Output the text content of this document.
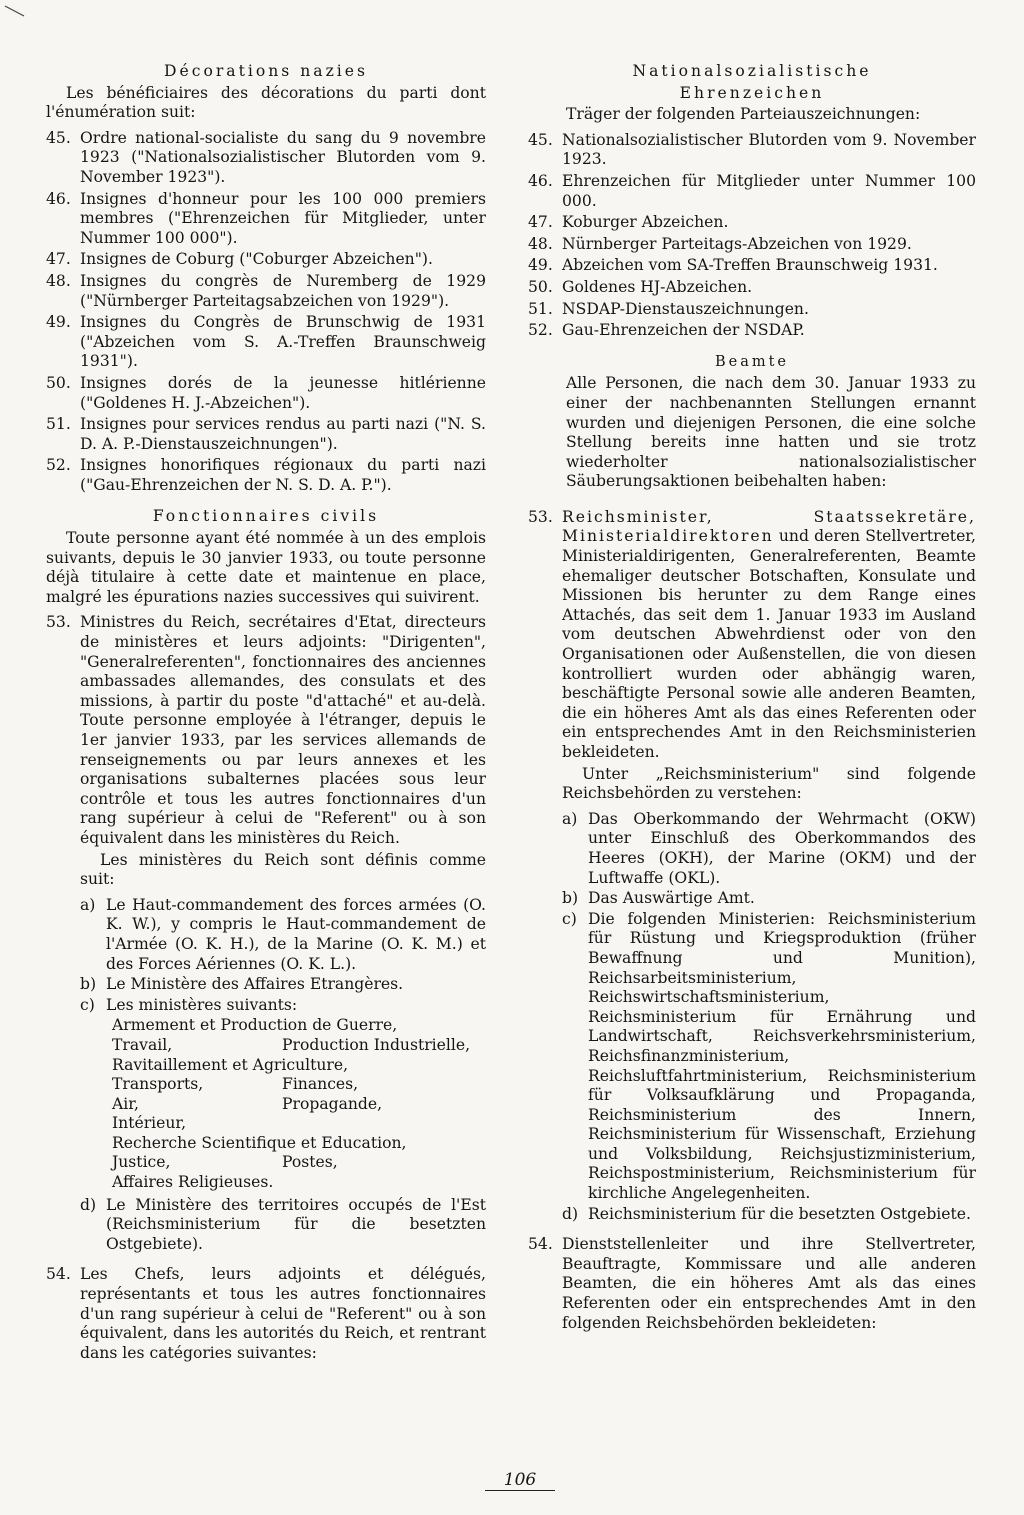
Décorations nazies
Les bénéficiaires des décorations du parti dont l'énumération suit:
45. Ordre national-socialiste du sang du 9 novembre 1923 ("Nationalsozialistischer Blutorden vom 9. November 1923").
46. Insignes d'honneur pour les 100 000 premiers membres ("Ehrenzeichen für Mitglieder, unter Nummer 100 000").
47. Insignes de Coburg ("Coburger Abzeichen").
48. Insignes du congrès de Nuremberg de 1929 ("Nürnberger Parteitagsabzeichen von 1929").
49. Insignes du Congrès de Brunschwig de 1931 ("Abzeichen vom S. A.-Treffen Braunschweig 1931").
50. Insignes dorés de la jeunesse hitlérienne ("Goldenes H. J.-Abzeichen").
51. Insignes pour services rendus au parti nazi ("N. S. D. A. P.-Dienstauszeichnungen").
52. Insignes honorifiques régionaux du parti nazi ("Gau-Ehrenzeichen der N. S. D. A. P.").
Fonctionnaires civils
Toute personne ayant été nommée à un des emplois suivants, depuis le 30 janvier 1933, ou toute personne déjà titulaire à cette date et maintenue en place, malgré les épurations nazies successives qui suivirent.
53. Ministres du Reich, secrétaires d'Etat, directeurs de ministères et leurs adjoints: "Dirigenten", "Generalreferenten", fonctionnaires des anciennes ambassades allemandes, des consulats et des missions, à partir du poste "d'attaché" et au-delà. Toute personne employée à l'étranger, depuis le 1er janvier 1933, par les services allemands de renseignements ou par leurs annexes et les organisations subalternes placées sous leur contrôle et tous les autres fonctionnaires d'un rang supérieur à celui de "Referent" ou à son équivalent dans les ministères du Reich.
Les ministères du Reich sont définis comme suit:
a) Le Haut-commandement des forces armées (O. K. W.), y compris le Haut-commandement de l'Armée (O. K. H.), de la Marine (O. K. M.) et des Forces Aériennes (O. K. L.).
b) Le Ministère des Affaires Etrangères.
c) Les ministères suivants:
Armement et Production de Guerre,
Travail,	Production Industrielle,
Ravitaillement et Agriculture,
Transports,	Finances,
Air,	Propagande,
Intérieur,
Recherche Scientifique et Education,
Justice,	Postes,
Affaires Religieuses.
d) Le Ministère des territoires occupés de l'Est (Reichsministerium für die besetzten Ostgebiete).
54. Les Chefs, leurs adjoints et délégués, représentants et tous les autres fonctionnaires d'un rang supérieur à celui de "Referent" ou à son équivalent, dans les autorités du Reich, et rentrant dans les catégories suivantes:
Nationalsozialistische
Ehrenzeichen
Träger der folgenden Parteiauszeichnungen:
45. Nationalsozialistischer Blutorden vom 9. November 1923.
46. Ehrenzeichen für Mitglieder unter Nummer 100 000.
47. Koburger Abzeichen.
48. Nürnberger Parteitags-Abzeichen von 1929.
49. Abzeichen vom SA-Treffen Braunschweig 1931.
50. Goldenes HJ-Abzeichen.
51. NSDAP-Dienstauszeichnungen.
52. Gau-Ehrenzeichen der NSDAP.
Beamte
Alle Personen, die nach dem 30. Januar 1933 zu einer der nachbenannten Stellungen ernannt wurden und diejenigen Personen, die eine solche Stellung bereits inne hatten und sie trotz wiederholter nationalsozialistischer Säuberungsaktionen beibehalten haben:
53. Reichsminister, Staatssekretäre, Ministerialdirektoren und deren Stellvertreter, Ministerialdirigenten, Generalreferenten, Beamte ehemaliger deutscher Botschaften, Konsulate und Missionen bis herunter zu dem Range eines Attachés, das seit dem 1. Januar 1933 im Ausland vom deutschen Abwehrdienst oder von den Organisationen oder Außenstellen, die von diesen kontrolliert wurden oder abhängig waren, beschäftigte Personal sowie alle anderen Beamten, die ein höheres Amt als das eines Referenten oder ein entsprechendes Amt in den Reichsministerien bekleideten.
Unter „Reichsministerium" sind folgende Reichsbehörden zu verstehen:
a) Das Oberkommando der Wehrmacht (OKW) unter Einschluß des Oberkommandos des Heeres (OKH), der Marine (OKM) und der Luftwaffe (OKL).
b) Das Auswärtige Amt.
c) Die folgenden Ministerien: Reichsministerium für Rüstung und Kriegsproduktion (früher Bewaffnung und Munition), Reichsarbeitsministerium, Reichswirtschaftsministerium, Reichsministerium für Ernährung und Landwirtschaft, Reichsverkehrsministerium, Reichsfinanzministerium, Reichsluftfahrtministerium, Reichsministerium für Volksaufklärung und Propaganda, Reichsministerium des Innern, Reichsministerium für Wissenschaft, Erziehung und Volksbildung, Reichsjustizministerium, Reichspostministerium, Reichsministerium für kirchliche Angelegenheiten.
d) Reichsministerium für die besetzten Ostgebiete.
54. Dienststellenleiter und ihre Stellvertreter, Beauftragte, Kommissare und alle anderen Beamten, die ein höheres Amt als das eines Referenten oder ein entsprechendes Amt in den folgenden Reichsbehörden bekleideten:
106
